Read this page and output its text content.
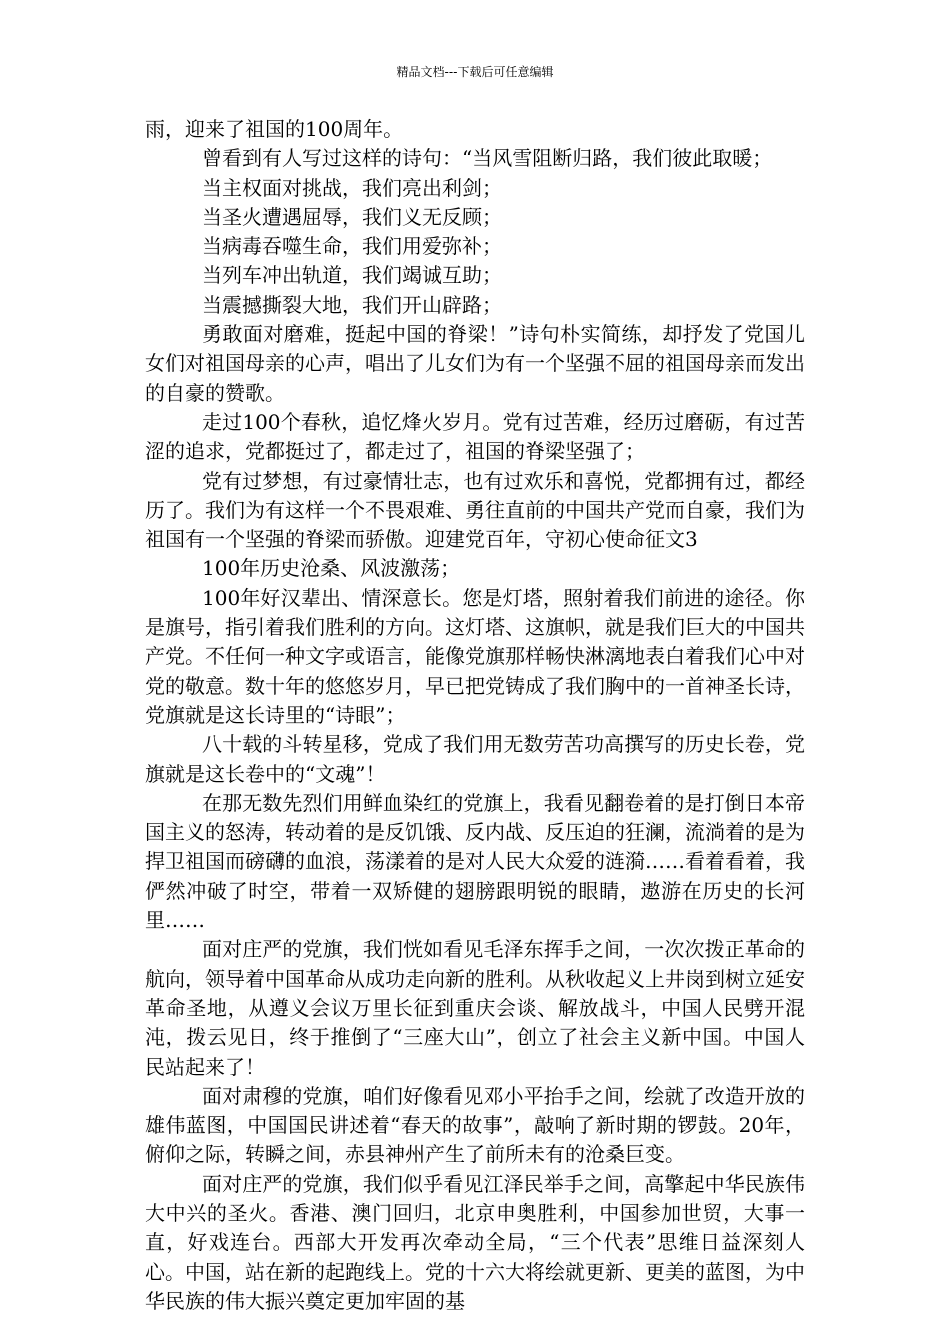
精品文档---下载后可任意编辑

雨，迎来了祖国的100周年。

曾看到有人写过这样的诗句：“当风雪阻断归路，我们彼此取暖；

当主权面对挑战，我们亮出利剑；

当圣火遭遇屈辱，我们义无反顾；

当病毒吞噬生命，我们用爱弥补；

当列车冲出轨道，我们竭诚互助；

当震撼撕裂大地，我们开山辟路；

勇敢面对磨难，挺起中国的脊梁！”诗句朴实简练，却抒发了党国儿女们对祖国母亲的心声，唱出了儿女们为有一个坚强不屈的祖国母亲而发出的自豪的赞歌。

走过100个春秋，追忆烽火岁月。党有过苦难，经历过磨砺，有过苦涩的追求，党都挺过了，都走过了，祖国的脊梁坚强了；

党有过梦想，有过豪情壮志，也有过欢乐和喜悦，党都拥有过，都经历了。我们为有这样一个不畏艰难、勇往直前的中国共产党而自豪，我们为祖国有一个坚强的脊梁而骄傲。迎建党百年，守初心使命征文3

100年历史沧桑、风波激荡；

100年好汉辈出、情深意长。您是灯塔，照射着我们前进的途径。你是旗号，指引着我们胜利的方向。这灯塔、这旗帜，就是我们巨大的中国共产党。不任何一种文字或语言，能像党旗那样畅快淋漓地表白着我们心中对党的敬意。数十年的悠悠岁月，早已把党铸成了我们胸中的一首神圣长诗，党旗就是这长诗里的“诗眼”；

八十载的斗转星移，党成了我们用无数劳苦功高撰写的历史长卷，党旗就是这长卷中的“文魂”！

在那无数先烈们用鲜血染红的党旗上，我看见翻卷着的是打倒日本帝国主义的怒涛，转动着的是反饥饿、反内战、反压迫的狂澜，流淌着的是为捍卫祖国而磅礴的血浪，荡漾着的是对人民大众爱的涟漪……看着看着，我俨然冲破了时空，带着一双矫健的翅膀跟明锐的眼睛，遨游在历史的长河里……

面对庄严的党旗，我们恍如看见毛泽东挥手之间，一次次拨正革命的航向，领导着中国革命从成功走向新的胜利。从秋收起义上井岗到树立延安革命圣地，从遵义会议万里长征到重庆会谈、解放战斗，中国人民劈开混沌，拨云见日，终于推倒了“三座大山”，创立了社会主义新中国。中国人民站起来了！

面对肃穆的党旗，咱们好像看见邓小平抬手之间，绘就了改造开放的雄伟蓝图，中国国民讲述着“春天的故事”，敲响了新时期的锣鼓。20年，俯仰之际，转瞬之间，赤县神州产生了前所未有的沧桑巨变。

面对庄严的党旗，我们似乎看见江泽民举手之间，高擎起中华民族伟大中兴的圣火。香港、澳门回归，北京申奥胜利，中国参加世贸，大事一直，好戏连台。西部大开发再次牵动全局，“三个代表”思维日益深刻人心。中国，站在新的起跑线上。党的十六大将绘就更新、更美的蓝图，为中华民族的伟大振兴奠定更加牢固的基
